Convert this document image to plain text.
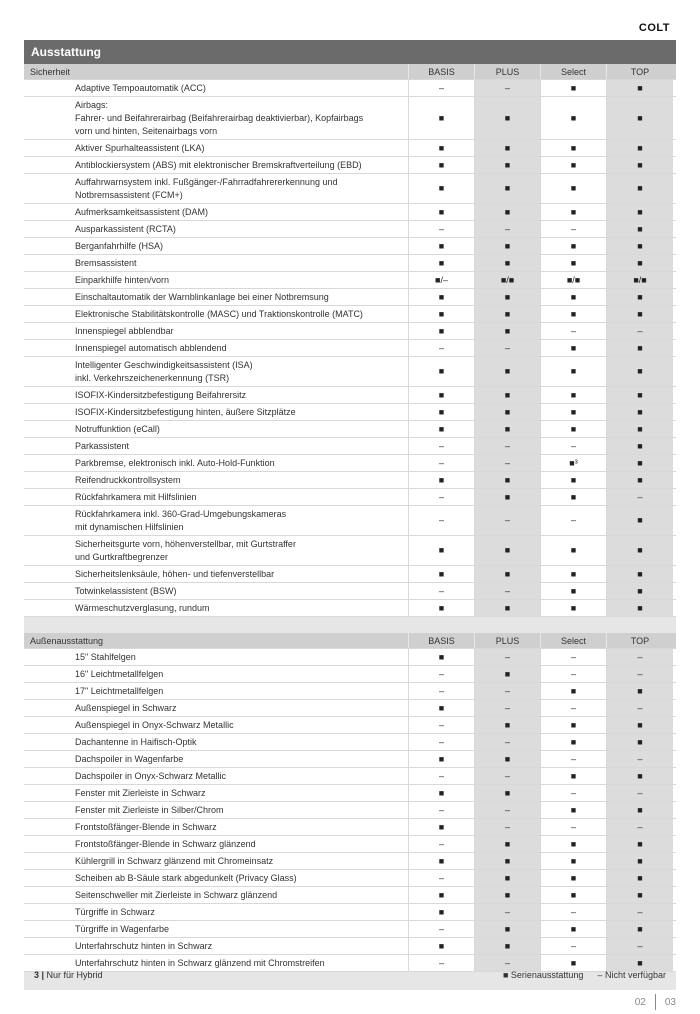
COLT
Ausstattung
Sicherheit	BASIS	PLUS	Select	TOP
Adaptive Tempoautomatik (ACC)	–	–	■	■
Airbags:
Fahrer- und Beifahrerairbag (Beifahrerairbag deaktivierbar), Kopfairbags
vorn und hinten, Seitenairbags vorn
■	■	■	■
Aktiver Spurhalteassistent (LKA)	■	■	■	■
Antiblockiersystem (ABS) mit elektronischer Bremskraftverteilung (EBD)	■	■	■	■
Auffahrwarnsystem inkl. Fußgänger-/Fahrradfahrererkennung und
Notbremsassistent (FCM+)
■	■	■	■
Aufmerksamkeitsassistent (DAM)	■	■	■	■
Ausparkassistent (RCTA)	–	–	–	■
Berganfahrhilfe (HSA)	■	■	■	■
Bremsassistent	■	■	■	■
Einparkhilfe hinten/vorn	■/–	■/■	■/■	■/■
Einschaltautomatik der Warnblinkanlage bei einer Notbremsung	■	■	■	■
Elektronische Stabilitätskontrolle (MASC) und Traktionskontrolle (MATC)	■	■	■	■
Innenspiegel abblendbar	■	■	–	–
Innenspiegel automatisch abblendend	–	–	■	■
Intelligenter Geschwindigkeitsassistent (ISA)
inkl. Verkehrszeichenerkennung (TSR)
■	■	■	■
ISOFIX-Kindersitzbefestigung Beifahrersitz	■	■	■	■
ISOFIX-Kindersitzbefestigung hinten, äußere Sitzplätze	■	■	■	■
Notruffunktion (eCall)	■	■	■	■
Parkassistent	–	–	–	■
Parkbremse, elektronisch inkl. Auto-Hold-Funktion	–	–	■³	■
Reifendruckkontrollsystem	■	■	■	■
Rückfahrkamera mit Hilfslinien	–	■	■	–
Rückfahrkamera inkl. 360-Grad-Umgebungskameras
mit dynamischen Hilfslinien
–	–	–	■
Sicherheitsgurte vorn, höhenverstellbar, mit Gurtstraffer
und Gurtkraftbegrenzer
■	■	■	■
Sicherheitslenksäule, höhen- und tiefenverstellbar	■	■	■	■
Totwinkelassistent (BSW)	–	–	■	■
Wärmeschutzverglasung, rundum	■	■	■	■
Außenausstattung	BASIS	PLUS	Select	TOP
15" Stahlfelgen	■	–	–	–
16" Leichtmetallfelgen	–	■	–	–
17" Leichtmetallfelgen	–	–	■	■
Außenspiegel in Schwarz	■	–	–	–
Außenspiegel in Onyx-Schwarz Metallic	–	■	■	■
Dachantenne in Haifisch-Optik	–	–	■	■
Dachspoiler in Wagenfarbe	■	■	–	–
Dachspoiler in Onyx-Schwarz Metallic	–	–	■	■
Fenster mit Zierleiste in Schwarz	■	■	–	–
Fenster mit Zierleiste in Silber/Chrom	–	–	■	■
Frontstoßfänger-Blende in Schwarz	■	–	–	–
Frontstoßfänger-Blende in Schwarz glänzend	–	■	■	■
Kühlergrill in Schwarz glänzend mit Chromeinsatz	■	■	■	■
Scheiben ab B-Säule stark abgedunkelt (Privacy Glass)	–	■	■	■
Seitenschweller mit Zierleiste in Schwarz glänzend	■	■	■	■
Türgriffe in Schwarz	■	–	–	–
Türgriffe in Wagenfarbe	–	■	■	■
Unterfahrschutz hinten in Schwarz	■	■	–	–
Unterfahrschutz hinten in Schwarz glänzend mit Chromstreifen	–	–	■	■
3 | Nur für Hybrid	■ Serienausstattung – Nicht verfügbar
02 03
